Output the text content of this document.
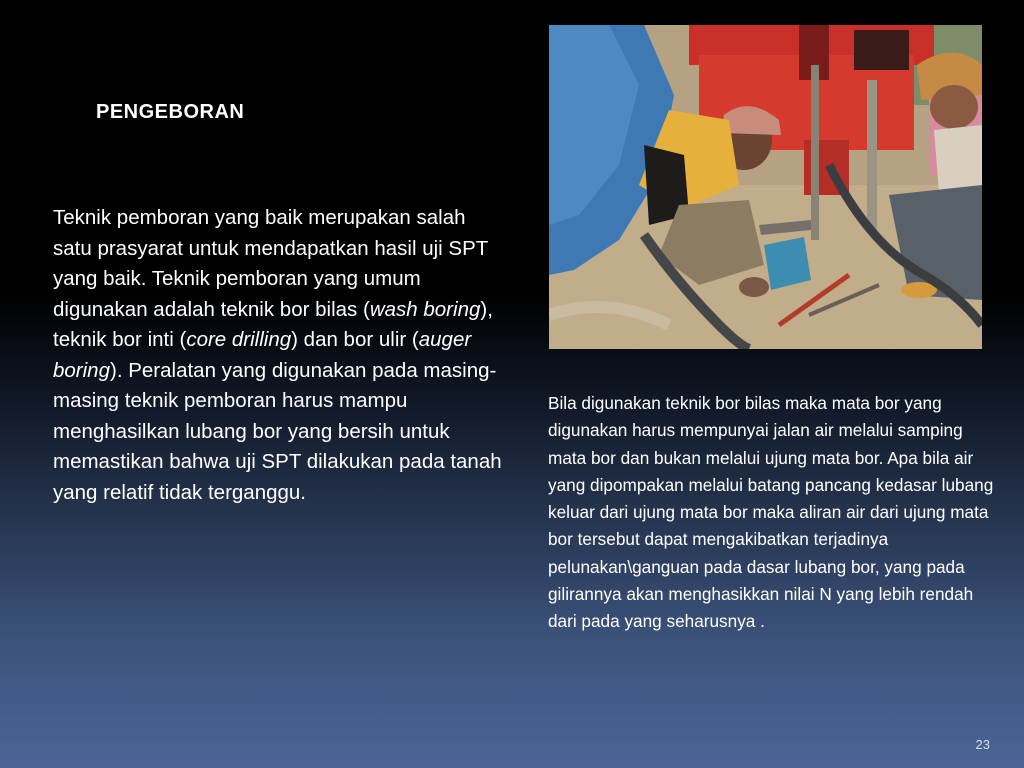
PENGEBORAN

Teknik pemboran yang baik merupakan salah satu prasyarat untuk mendapatkan hasil uji SPT yang baik. Teknik pemboran yang umum digunakan adalah teknik bor bilas (wash boring), teknik bor inti (core drilling) dan bor ulir (auger boring). Peralatan yang digunakan pada masing-masing teknik pemboran harus mampu menghasilkan lubang bor yang bersih untuk memastikan bahwa uji SPT dilakukan pada tanah yang relatif tidak terganggu.

Bila digunakan teknik bor bilas maka mata bor yang digunakan harus mempunyai jalan air melalui samping mata bor dan bukan melalui ujung mata bor. Apa bila air yang dipompakan melalui batang pancang kedasar lubang keluar dari ujung mata bor maka aliran air dari ujung mata bor tersebut dapat mengakibatkan terjadinya pelunakan\ganguan pada dasar lubang bor, yang pada gilirannya akan menghasikkan nilai N yang lebih rendah dari pada yang seharusnya .
23
